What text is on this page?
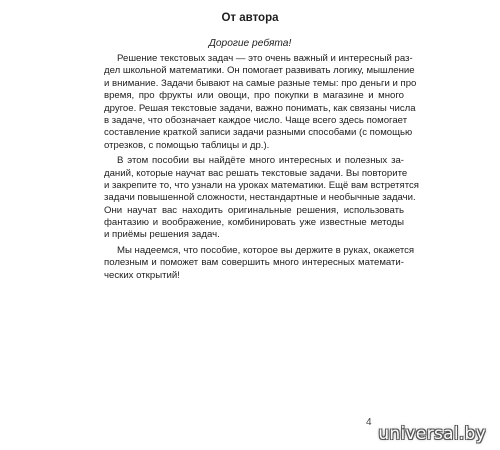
От автора
Дорогие ребята!
Решение текстовых задач — это очень важный и интересный раз-
дел школьной математики. Он помогает развивать логику, мышление
и внимание. Задачи бывают на самые разные темы: про деньги и про
время, про фрукты или овощи, про покупки в магазине и много
другое. Решая текстовые задачи, важно понимать, как связаны числа
в задаче, что обозначает каждое число. Чаще всего здесь помогает
составление краткой записи задачи разными способами (с помощью
отрезков, с помощью таблицы и др.).
В этом пособии вы найдёте много интересных и полезных за-
даний, которые научат вас решать текстовые задачи. Вы повторите
и закрепите то, что узнали на уроках математики. Ещё вам встретятся
задачи повышенной сложности, нестандартные и необычные задачи.
Они научат вас находить оригинальные решения, использовать
фантазию и воображение, комбинировать уже известные методы
и приёмы решения задач.
Мы надеемся, что пособие, которое вы держите в руках, окажется
полезным и поможет вам совершить много интересных математи-
ческих открытий!
4
universal.by
